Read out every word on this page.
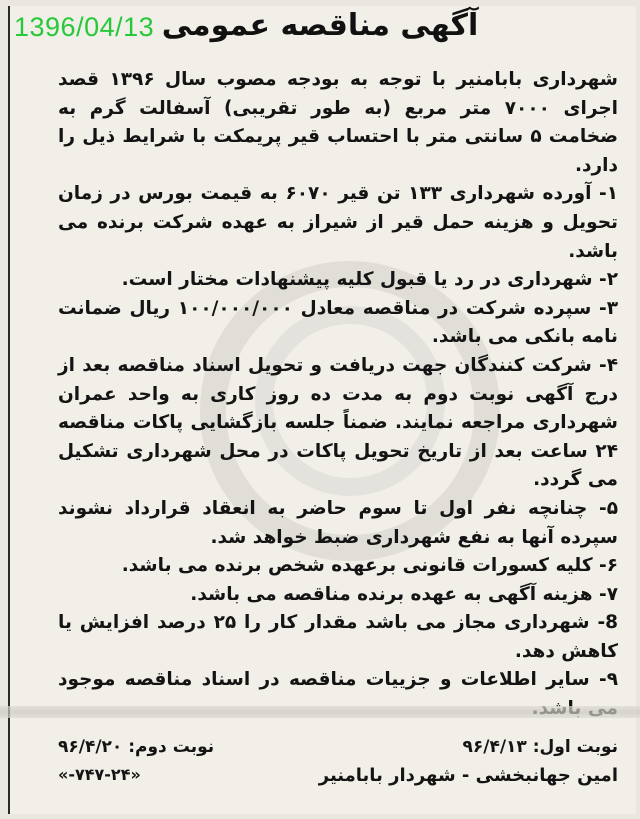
1396/04/13 آگهی مناقصه عمومی
شهرداری بابامنیر با توجه به بودجه مصوب سال ۱۳۹۶ قصد اجرای ۷۰۰۰ متر مربع (به طور تقریبی) آسفالت گرم به ضخامت ۵ سانتی متر با احتساب قیر پریمکت با شرایط ذیل را دارد.
۱- آورده شهرداری ۱۳۳ تن قیر ۶۰۷۰ به قیمت بورس در زمان تحویل و هزینه حمل قیر از شیراز به عهده شرکت برنده می باشد.
۲- شهرداری در رد یا قبول کلیه پیشنهادات مختار است.
۳- سپرده شرکت در مناقصه معادل ۱۰۰/۰۰۰/۰۰۰ ریال ضمانت نامه بانکی می باشد.
۴- شرکت کنندگان جهت دریافت و تحویل اسناد مناقصه بعد از درج آگهی نوبت دوم به مدت ده روز کاری به واحد عمران شهرداری مراجعه نمایند. ضمناً جلسه بازگشایی پاکات مناقصه ۲۴ ساعت بعد از تاریخ تحویل پاکات در محل شهرداری تشکیل می گردد.
۵- چنانچه نفر اول تا سوم حاضر به انعقاد قرارداد نشوند سپرده آنها به نفع شهرداری ضبط خواهد شد.
۶- کلیه کسورات قانونی برعهده شخص برنده می باشد.
۷- هزینه آگهی به عهده برنده مناقصه می باشد.
8- شهرداری مجاز می باشد مقدار کار را ۲۵ درصد افزایش یا کاهش دهد.
۹- سایر اطلاعات و جزییات مناقصه در اسناد مناقصه موجود
نوبت اول: ۹۶/۴/۱۳
نوبت دوم: ۹۶/۴/۲۰
امین جهانبخشی - شهردار بابامنیر
«۷۴۷-۲۴-»
